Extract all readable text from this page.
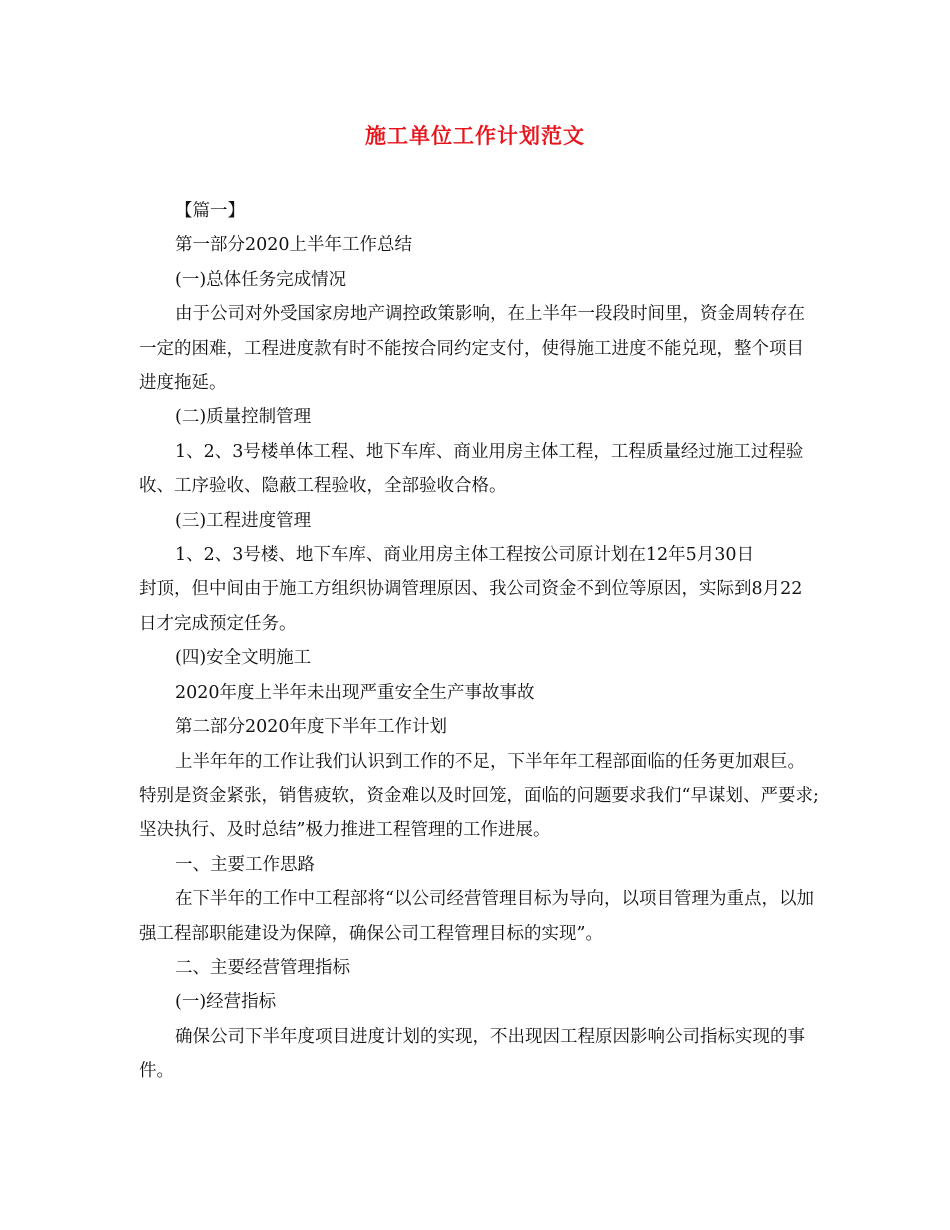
施工单位工作计划范文

【篇一】

第一部分2020上半年工作总结

(一)总体任务完成情况

由于公司对外受国家房地产调控政策影响，在上半年一段段时间里，资金周转存在一定的困难，工程进度款有时不能按合同约定支付，使得施工进度不能兑现，整个项目进度拖延。

(二)质量控制管理

1、2、3号楼单体工程、地下车库、商业用房主体工程，工程质量经过施工过程验收、工序验收、隐蔽工程验收，全部验收合格。

(三)工程进度管理

1、2、3号楼、地下车库、商业用房主体工程按公司原计划在12年5月30日

封顶，但中间由于施工方组织协调管理原因、我公司资金不到位等原因，实际到8月22日才完成预定任务。

(四)安全文明施工

2020年度上半年未出现严重安全生产事故事故

第二部分2020年度下半年工作计划

上半年年的工作让我们认识到工作的不足，下半年年工程部面临的任务更加艰巨。特别是资金紧张，销售疲软，资金难以及时回笼，面临的问题要求我们“早谋划、严要求;坚决执行、及时总结”极力推进工程管理的工作进展。

一、主要工作思路

在下半年的工作中工程部将“以公司经营管理目标为导向，以项目管理为重点，以加强工程部职能建设为保障，确保公司工程管理目标的实现”。

二、主要经营管理指标

(一)经营指标

确保公司下半年度项目进度计划的实现，不出现因工程原因影响公司指标实现的事件。
